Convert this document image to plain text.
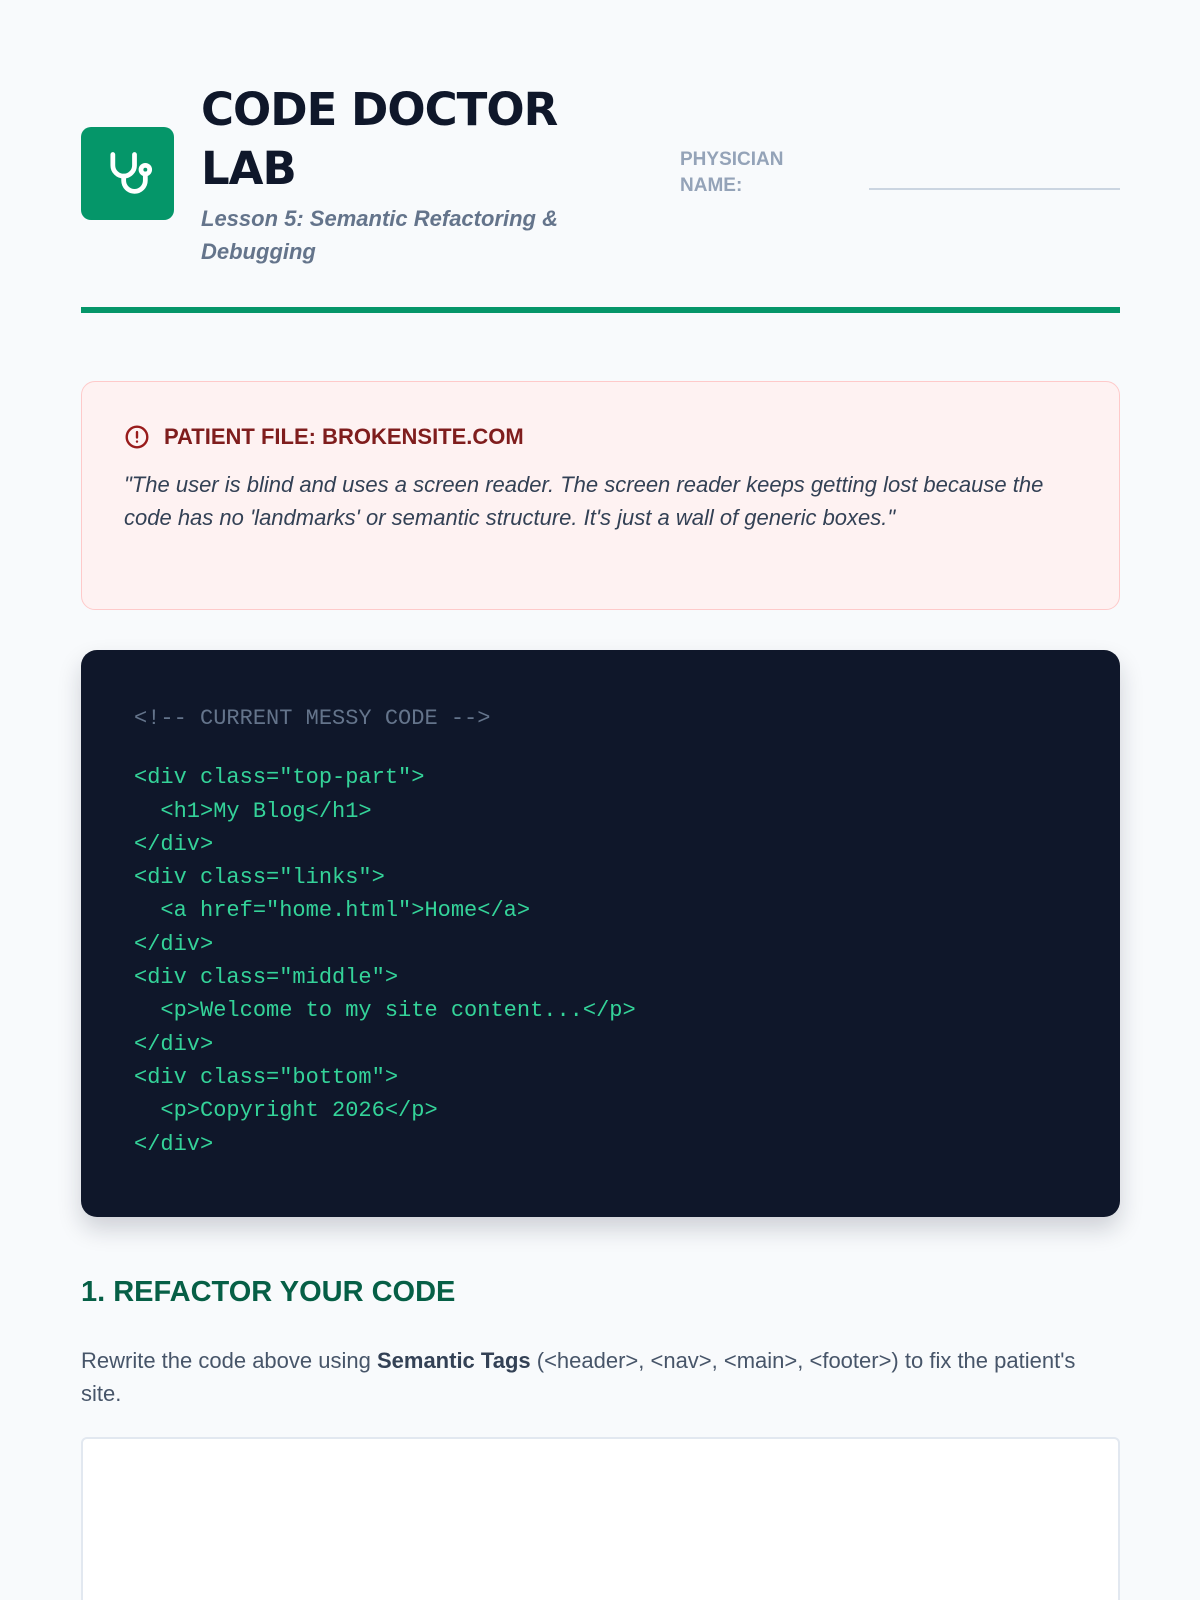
CODE DOCTOR LAB
Lesson 5: Semantic Refactoring & Debugging
PHYSICIAN NAME:
PATIENT FILE: BROKENSITE.COM
"The user is blind and uses a screen reader. The screen reader keeps getting lost because the code has no 'landmarks' or semantic structure. It's just a wall of generic boxes."
<!-- CURRENT MESSY CODE -->
<div class="top-part">
<h1>My Blog</h1>
</div>
<div class="links">
<a href="home.html">Home</a>
</div>
<div class="middle">
<p>Welcome to my site content...</p>
</div>
<div class="bottom">
<p>Copyright 2026</p>
</div>
1. REFACTOR YOUR CODE
Rewrite the code above using Semantic Tags (<header>, <nav>, <main>, <footer>) to fix the patient's site.
